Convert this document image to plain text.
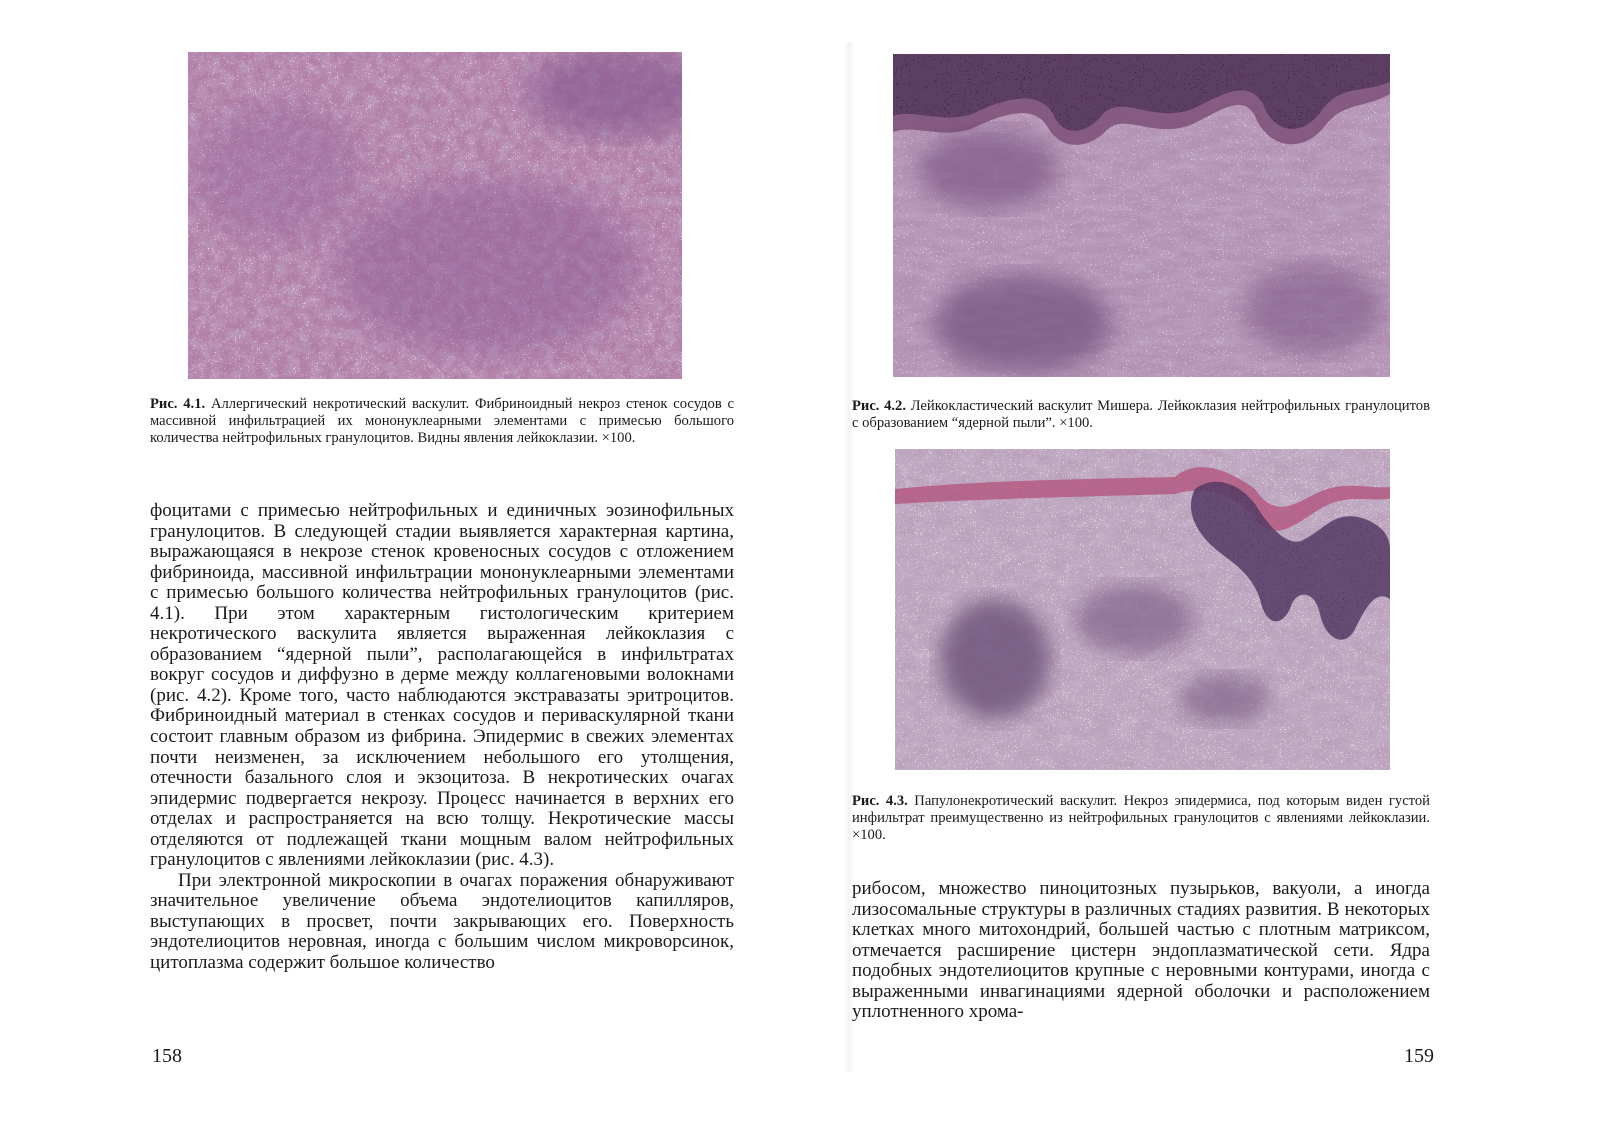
Рис. 4.1. Аллергический некротический васкулит. Фибриноидный некроз стенок сосудов с массивной инфильтрацией их мононуклеарными элементами с примесью большого количества нейтрофильных гранулоцитов. Видны явления лейкоклазии. ×100.

фоцитами с примесью нейтрофильных и единичных эозинофильных гранулоцитов. В следующей стадии выявляется характерная картина, выражающаяся в некрозе стенок кровеносных сосудов с отложением фибриноида, массивной инфильтрации мононуклеарными элементами с примесью большого количества нейтрофильных гранулоцитов (рис. 4.1). При этом характерным гистологическим критерием некротического васкулита является выраженная лейкоклазия с образованием “ядерной пыли”, располагающейся в инфильтратах вокруг сосудов и диффузно в дерме между коллагеновыми волокнами (рис. 4.2). Кроме того, часто наблюдаются экстравазаты эритроцитов. Фибриноидный материал в стенках сосудов и периваскулярной ткани состоит главным образом из фибрина. Эпидермис в свежих элементах почти неизменен, за исключением небольшого его утолщения, отечности базального слоя и экзоцитоза. В некротических очагах эпидермис подвергается некрозу. Процесс начинается в верхних его отделах и распространяется на всю толщу. Некротические массы отделяются от подлежащей ткани мощным валом нейтрофильных гранулоцитов с явлениями лейкоклазии (рис. 4.3).

При электронной микроскопии в очагах поражения обнаруживают значительное увеличение объема эндотелиоцитов капилляров, выступающих в просвет, почти закрывающих его. Поверхность эндотелиоцитов неровная, иногда с большим числом микроворсинок, цитоплазма содержит большое количество

158
Рис. 4.2. Лейкокластический васкулит Мишера. Лейкоклазия нейтрофильных гранулоцитов с образованием “ядерной пыли”. ×100.
Рис. 4.3. Папулонекротический васкулит. Некроз эпидермиса, под которым виден густой инфильтрат преимущественно из нейтрофильных гранулоцитов с явлениями лейкоклазии. ×100.

рибосом, множество пиноцитозных пузырьков, вакуоли, а иногда лизосомальные структуры в различных стадиях развития. В некоторых клетках много митохондрий, большей частью с плотным матриксом, отмечается расширение цистерн эндоплазматической сети. Ядра подобных эндотелиоцитов крупные с неровными контурами, иногда с выраженными инвагинациями ядерной оболочки и расположением уплотненного хрома-

159
